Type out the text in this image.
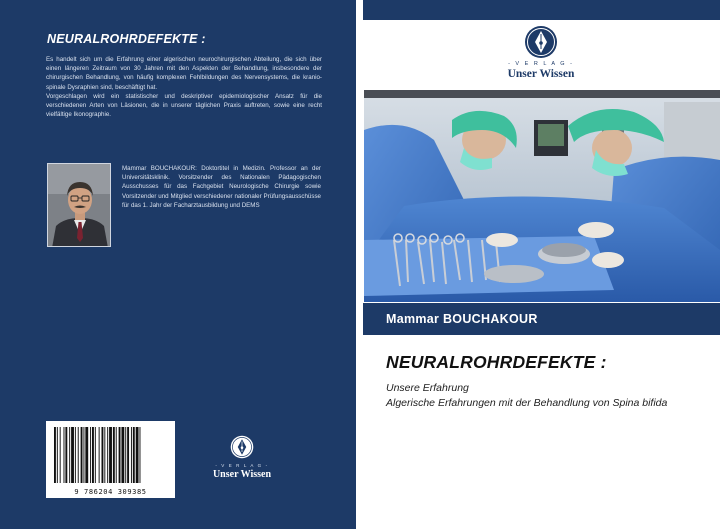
NEURALROHRDEFEKTE :

Es handelt sich um die Erfahrung einer algerischen neurochirurgischen Abteilung, die sich über einen längeren Zeitraum von 30 Jahren mit den Aspekten der Behandlung, insbesondere der chirurgischen Behandlung, von häufig komplexen Fehlbildungen des Nervensystems, die kranio-spinale Dysraphien sind, beschäftigt hat.

Vorgeschlagen wird ein statistischer und deskriptiver epidemiologischer Ansatz für die verschiedenen Arten von Läsionen, die in unserer täglichen Praxis auftreten, sowie eine recht vielfältige Ikonographie.

Mammar BOUCHAKOUR: Doktortitel in Medizin. Professor an der Universitätsklinik. Vorsitzender des Nationalen Pädagogischen Ausschusses für das Fachgebiet Neurologische Chirurgie sowie Vorsitzender und Mitglied verschiedener nationaler Prüfungsausschüsse für das 1. Jahr der Facharztausbildung und DEMS
9 786204 309385
- V E R L A G -
Unser Wissen
- V E R L A G -
Unser Wissen
Mammar BOUCHAKOUR
NEURALROHRDEFEKTE :
Unsere Erfahrung
Algerische Erfahrungen mit der Behandlung von Spina bifida
